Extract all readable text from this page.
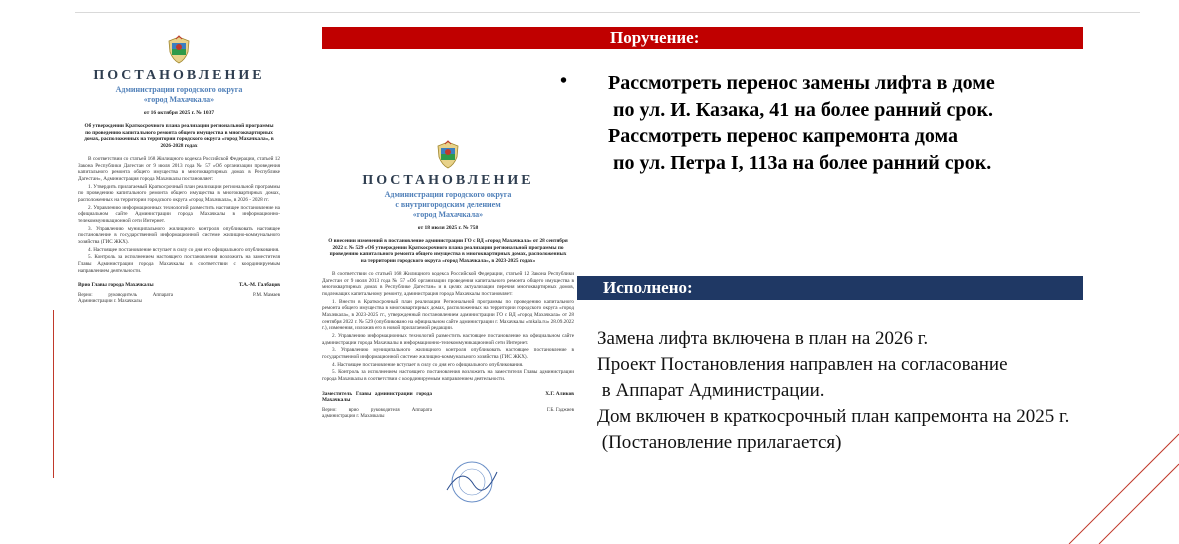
ПОСТАНОВЛЕНИЕ
Администрации городского округа
«город Махачкала»
от 16 октября 2025 г. № 1037
Об утверждении Краткосрочного плана реализации региональной программы по проведению капитального ремонта общего имущества в многоквартирных домах, расположенных на территории городского округа «город Махачкала», в 2026-2028 годах

В соответствии со статьей 168 Жилищного кодекса Российской Федерации, статьей 12 Закона Республики Дагестан от 9 июля 2013 года № 57 «Об организации проведения капитального ремонта общего имущества в многоквартирных домах в Республике Дагестан», Администрация города Махачкалы постановляет:

1. Утвердить прилагаемый Краткосрочный план реализации региональной программы по проведению капитального ремонта общего имущества в многоквартирных домах, расположенных на территории городского округа «город Махачкала», в 2026 - 2028 гг.

2. Управлению информационных технологий разместить настоящее постановление на официальном сайте Администрации города Махачкалы в информационно-телекоммуникационной сети Интернет.

3. Управлению муниципального жилищного контроля опубликовать настоящее постановление в государственной информационной системе жилищно-коммунального хозяйства (ГИС ЖКХ).

4. Настоящее постановление вступает в силу со дня его официального опубликования.

5. Контроль за исполнением настоящего постановления возложить на заместителя Главы Администрации города Махачкалы в соответствии с координируемым направлением деятельности.

Врио Главы города Махачкалы	Т.А.-М. Галбацов
Верно: руководитель Аппарата Администрации г. Махачкалы
Р.М. Мамаев
ПОСТАНОВЛЕНИЕ
Администрации городского округа
с внутригородским делением
«город Махачкала»
от 18 июля 2025 г. № 758
О внесении изменений в постановление администрации ГО с ВД «город Махачкала» от 28 сентября 2022 г. № 529 «Об утверждении Краткосрочного плана реализации региональной программы по проведению капитального ремонта общего имущества в многоквартирных домах, расположенных на территории городского округа «город Махачкала», в 2023-2025 годах»

В соответствии со статьей 168 Жилищного кодекса Российской Федерации, статьей 12 Закона Республики Дагестан от 9 июля 2013 года № 57 «Об организации проведения капитального ремонта общего имущества в многоквартирных домах в Республике Дагестан» и в целях актуализации перечня многоквартирных домов, подлежащих капитальному ремонту, администрация города Махачкалы постановляет:

1. Внести в Краткосрочный план реализации Региональной программы по проведению капитального ремонта общего имущества в многоквартирных домах, расположенных на территории городского округа «город Махачкала», в 2023-2025 гг., утвержденный постановлением администрации ГО с ВД «город Махачкала» от 28 сентября 2022 г. № 529 (опубликовано на официальном сайте администрации г. Махачкалы «mkala.ru» 28.09.2022 г.), изменения, изложив его в новой прилагаемой редакции.

2. Управлению информационных технологий разместить настоящее постановление на официальном сайте администрации города Махачкалы в информационно-телекоммуникационной сети Интернет.

3. Управлению муниципального жилищного контроля опубликовать настоящее постановление в государственной информационной системе жилищно-коммунального хозяйства (ГИС ЖКХ).

4. Настоящее постановление вступает в силу со дня его официального опубликования.

5. Контроль за исполнением настоящего постановления возложить на заместителя Главы администрации города Махачкалы в соответствии с координируемым направлением деятельности.

Заместитель Главы администрации города Махачкалы
Х.Г. Аликов
Верно: врио руководителя Аппарата администрации г. Махачкалы
Г.Б. Гаджиев
Поручение:
• Рассмотреть перенос замены лифта в доме
по ул. И. Казака, 41 на более ранний срок.
Рассмотреть перенос капремонта дома
по ул. Петра I, 113а на более ранний срок.
Исполнено:
Замена лифта включена в план на 2026 г.
Проект Постановления направлен на согласование
в Аппарат Администрации.
Дом включен в краткосрочный план капремонта на 2025 г.
(Постановление прилагается)
